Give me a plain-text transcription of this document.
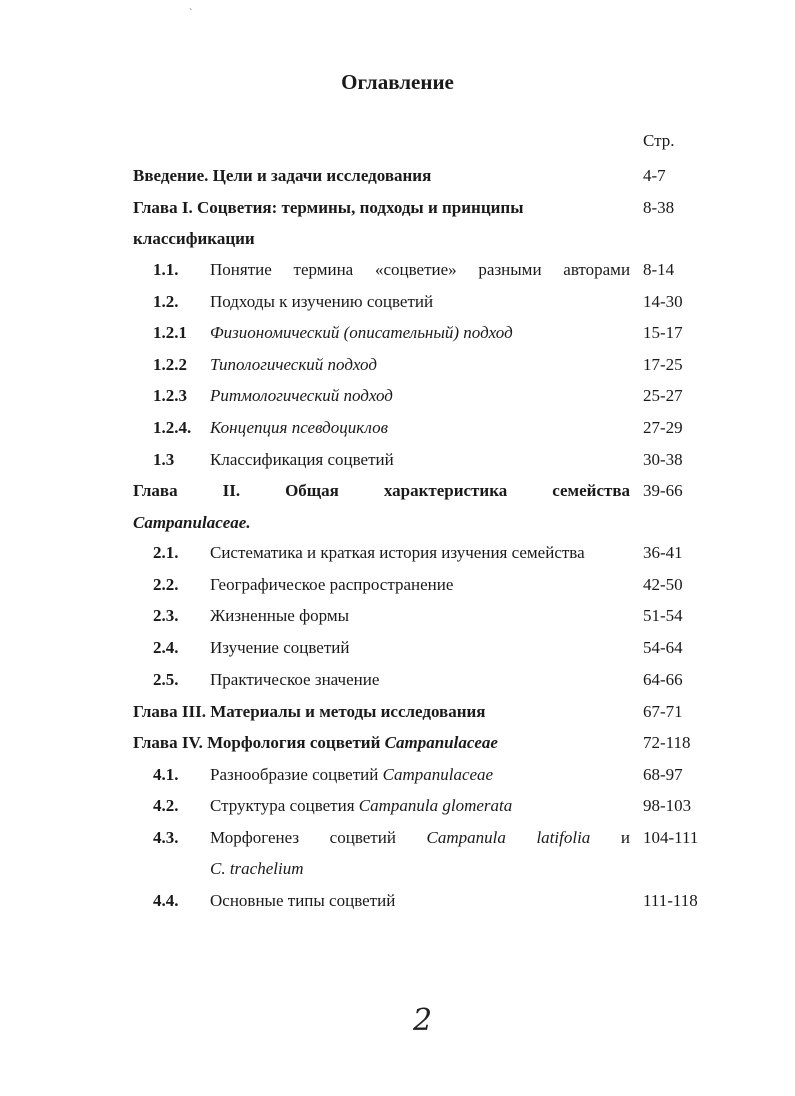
`
Оглавление
Стр.
Введение. Цели и задачи исследования	4-7
Глава I. Соцветия: термины, подходы и принципы	8-38
классификации
1.1. Понятие термина «соцветие» разными авторами 8-14
1.2. Подходы к изучению соцветий	14-30
1.2.1 Физиономический (описательный) подход	15-17
1.2.2 Типологический подход	17-25
1.2.3 Ритмологический подход	25-27
1.2.4. Концепция псевдоциклов	27-29
1.3 Классификация соцветий	30-38
Глава	II.	Общая	характеристика	семейства 39-66
Campanulaceae.
2.1. Систематика и краткая история изучения семейства	36-41
2.2. Географическое распространение	42-50
2.3. Жизненные формы	51-54
2.4. Изучение соцветий	54-64
2.5. Практическое значение	64-66
Глава III. Материалы и методы исследования	67-71
Глава IV. Морфология соцветий Campanulaceae	72-118
4.1. Разнообразие соцветий Campanulaceae	68-97
4.2. Структура соцветия Campanula glomerata	98-103
4.3. Морфогенез соцветий Campanula latifolia и 104-111
C. trachelium
4.4. Основные типы соцветий	111-118
2
